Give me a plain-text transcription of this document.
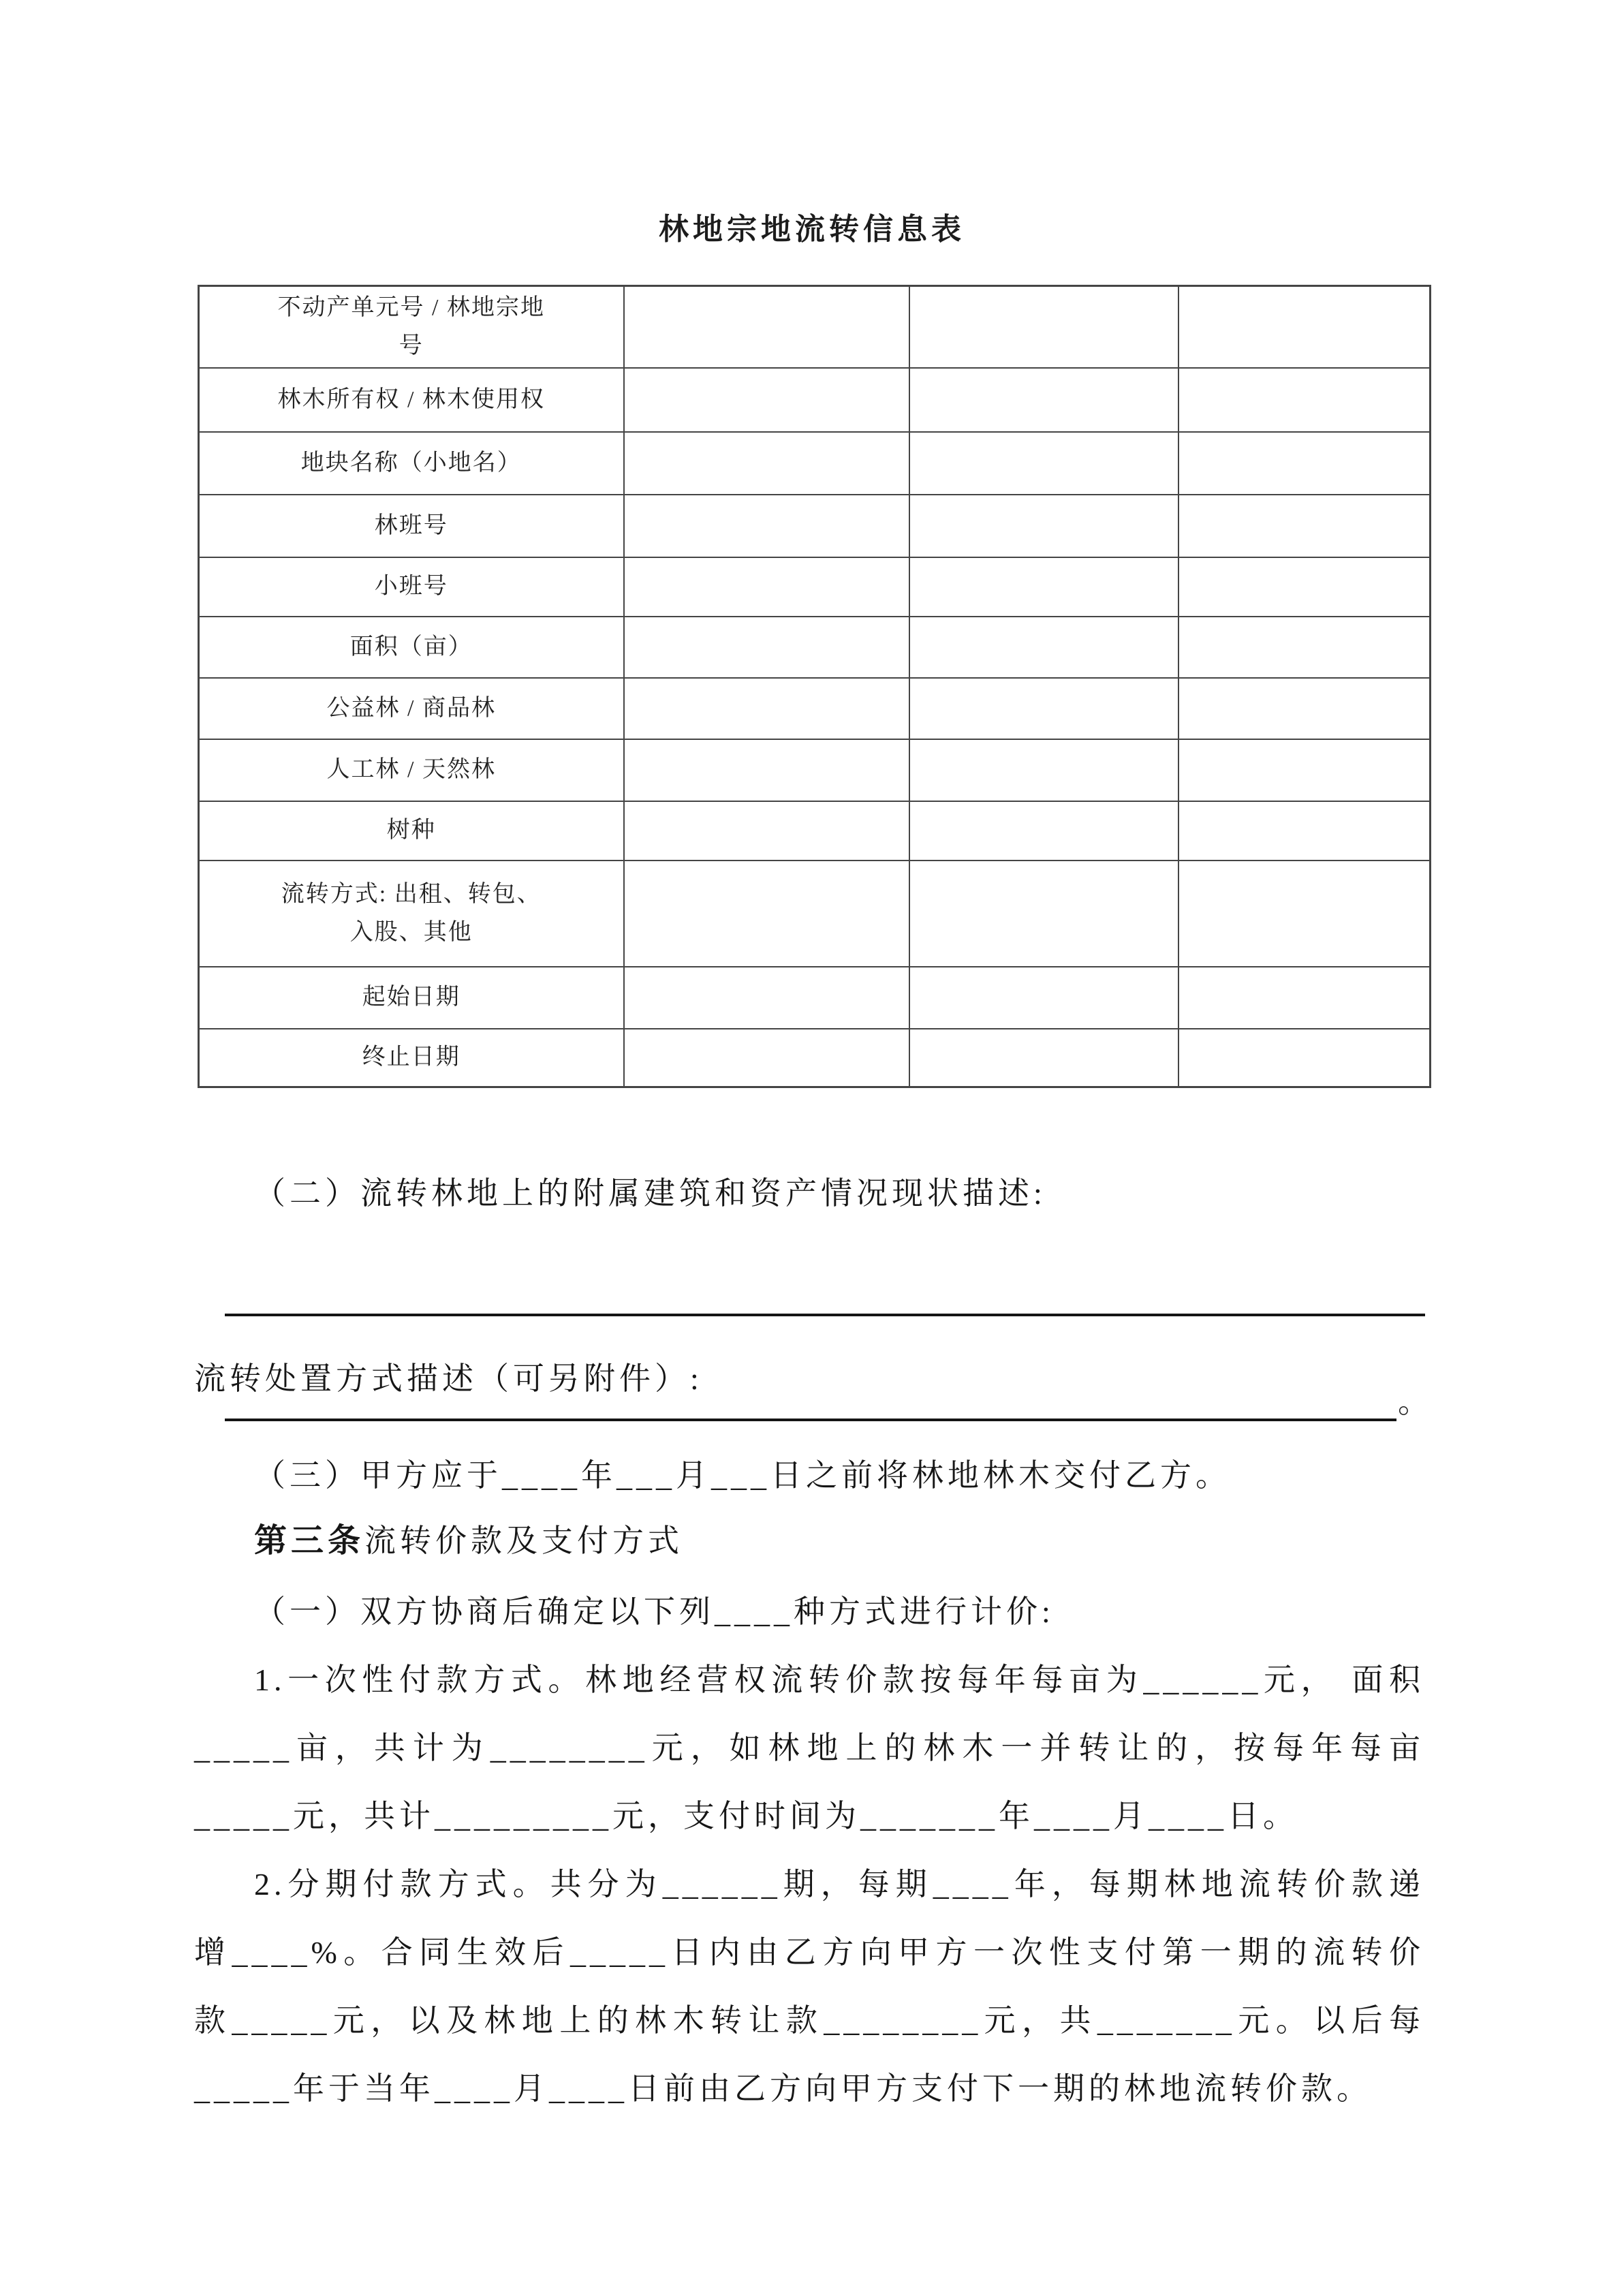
林地宗地流转信息表
不动产单元号 / 林地宗地
号			

林木所有权 / 林木使用权			

地块名称（小地名）			

林班号			

小班号			

面积（亩）			

公益林 / 商品林			

人工林 / 天然林			

树种			

流转方式: 出租、转包、
入股、其他			

起始日期			

终止日期			

（二）流转林地上的附属建筑和资产情况现状描述:
流转处置方式描述（可另附件）:
。
（三）甲方应于____年___月___日之前将林地林木交付乙方。
第三条流转价款及支付方式
（一）双方协商后确定以下列____种方式进行计价:
1.一次性付款方式。林地经营权流转价款按每年每亩为______元， 面积
_____亩，共计为________元，如林地上的林木一并转让的，按每年每亩
_____元，共计_________元，支付时间为_______年____月____日。
2.分期付款方式。共分为______期，每期____年，每期林地流转价款递
增____%。合同生效后_____日内由乙方向甲方一次性支付第一期的流转价
款_____元，以及林地上的林木转让款________元，共_______元。以后每
_____年于当年____月____日前由乙方向甲方支付下一期的林地流转价款。
